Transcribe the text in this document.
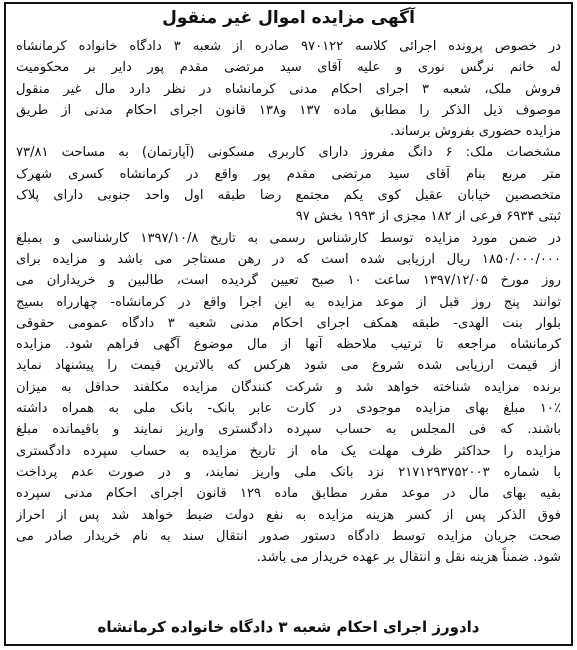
آگهی مزایده اموال غیر منقول
در خصوص پرونده اجرائی کلاسه ۹۷۰۱۲۲ صادره از شعبه ۳ دادگاه خانواده کرمانشاه
له خانم نرگس نوری و علیه آقای سید مرتضی مقدم پور دایر بر محکومیت
فروش ملک، شعبه ۳ اجرای احکام مدنی کرمانشاه در نظر دارد مال غیر منقول
موصوف ذیل الذکر را مطابق ماده ۱۳۷ و۱۳۸ قانون اجرای احکام مدنی از طریق
مزایده حضوری بفروش برساند.
مشخصات ملک: ۶ دانگ مفروز دارای کاربری مسکونی (آپارتمان) به مساحت ۷۳/۸۱
متر مربع بنام آقای سید مرتضی مقدم پور واقع در کرمانشاه کسری شهرک
متخصصین خیابان عقیل کوی یکم مجتمع رضا طبقه اول واحد جنوبی دارای پلاک
ثبتی ۶۹۳۴ فرعی از ۱۸۲ مجزی از ۱۹۹۳ بخش ۹۷
در ضمن مورد مزایده توسط کارشناس رسمی به تاریخ ۱۳۹۷/۱۰/۸ کارشناسی و بمبلغ
۱۸۵۰/۰۰۰/۰۰۰ ریال ارزیابی شده است که در رهن مستاجر می باشد و مزایده برای
روز مورخ ۱۳۹۷/۱۲/۰۵ ساعت ۱۰ صبح تعیین گردیده است، طالبین و خریداران می
توانند پنج روز قبل از موعد مزایده به این اجرا واقع در کرمانشاه- چهارراه بسیج
بلوار بنت الهدی- طبقه همکف اجرای احکام مدنی شعبه ۳ دادگاه عمومی حقوقی
کرمانشاه مراجعه تا ترتیب ملاحظه آنها از مال موضوع آگهی فراهم شود. مزایده
از قیمت ارزیابی شده شروع می شود هرکس که بالاترین قیمت را پیشنهاد نماید
برنده مزایده شناخته خواهد شد و شرکت کنندگان مزایده مکلفند حداقل به میزان
۱۰٪ مبلغ بهای مزایده موجودی در کارت عابر بانک- بانک ملی به همراه داشته
باشند. که فی المجلس به حساب سپرده دادگستری واریز نمایند و باقیمانده مبلغ
مزایده را حداکثر ظرف مهلت یک ماه از تاریخ مزایده به حساب سپرده دادگستری
با شماره ۲۱۷۱۲۹۳۷۵۲۰۰۳ نزد بانک ملی واریز نمایند، و در صورت عدم پرداخت
بقیه بهای مال در موعد مقرر مطابق ماده ۱۲۹ قانون اجرای احکام مدنی سپرده
فوق الذکر پس از کسر هزینه مزایده به نفع دولت ضبط خواهد شد پس از احراز
صحت جریان مزایده توسط دادگاه دستور صدور انتقال سند به نام خریدار صادر می
شود. ضمناً هزینه نقل و انتقال بر عهده خریدار می باشد.
دادورز اجرای احکام شعبه ۳ دادگاه خانواده کرمانشاه
